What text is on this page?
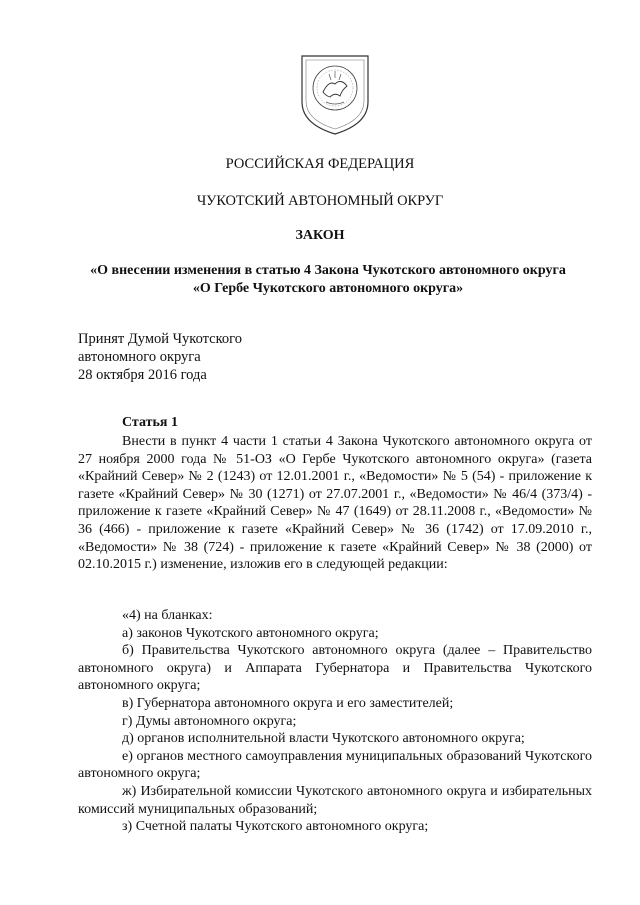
РОССИЙСКАЯ ФЕДЕРАЦИЯ
ЧУКОТСКИЙ АВТОНОМНЫЙ ОКРУГ
ЗАКОН
«О внесении изменения в статью 4 Закона Чукотского автономного округа «О Гербе Чукотского автономного округа»
Принят Думой Чукотского
автономного округа
28 октября 2016 года
Статья 1

Внести в пункт 4 части 1 статьи 4 Закона Чукотского автономного округа от 27 ноября 2000 года № 51-ОЗ «О Гербе Чукотского автономного округа» (газета «Крайний Север» № 2 (1243) от 12.01.2001 г., «Ведомости» № 5 (54) - приложение к газете «Крайний Север» № 30 (1271) от 27.07.2001 г., «Ведомости» № 46/4 (373/4) - приложение к газете «Крайний Север» № 47 (1649) от 28.11.2008 г., «Ведомости» № 36 (466) - приложение к газете «Крайний Север» № 36 (1742) от 17.09.2010 г., «Ведомости» № 38 (724) - приложение к газете «Крайний Север» № 38 (2000) от 02.10.2015 г.) изменение, изложив его в следующей редакции:

«4) на бланках:

а) законов Чукотского автономного округа;

б) Правительства Чукотского автономного округа (далее – Правительство автономного округа) и Аппарата Губернатора и Правительства Чукотского автономного округа;

в) Губернатора автономного округа и его заместителей;

г) Думы автономного округа;

д) органов исполнительной власти Чукотского автономного округа;

е) органов местного самоуправления муниципальных образований Чукотского автономного округа;

ж) Избирательной комиссии Чукотского автономного округа и избирательных комиссий муниципальных образований;

з) Счетной палаты Чукотского автономного округа;
